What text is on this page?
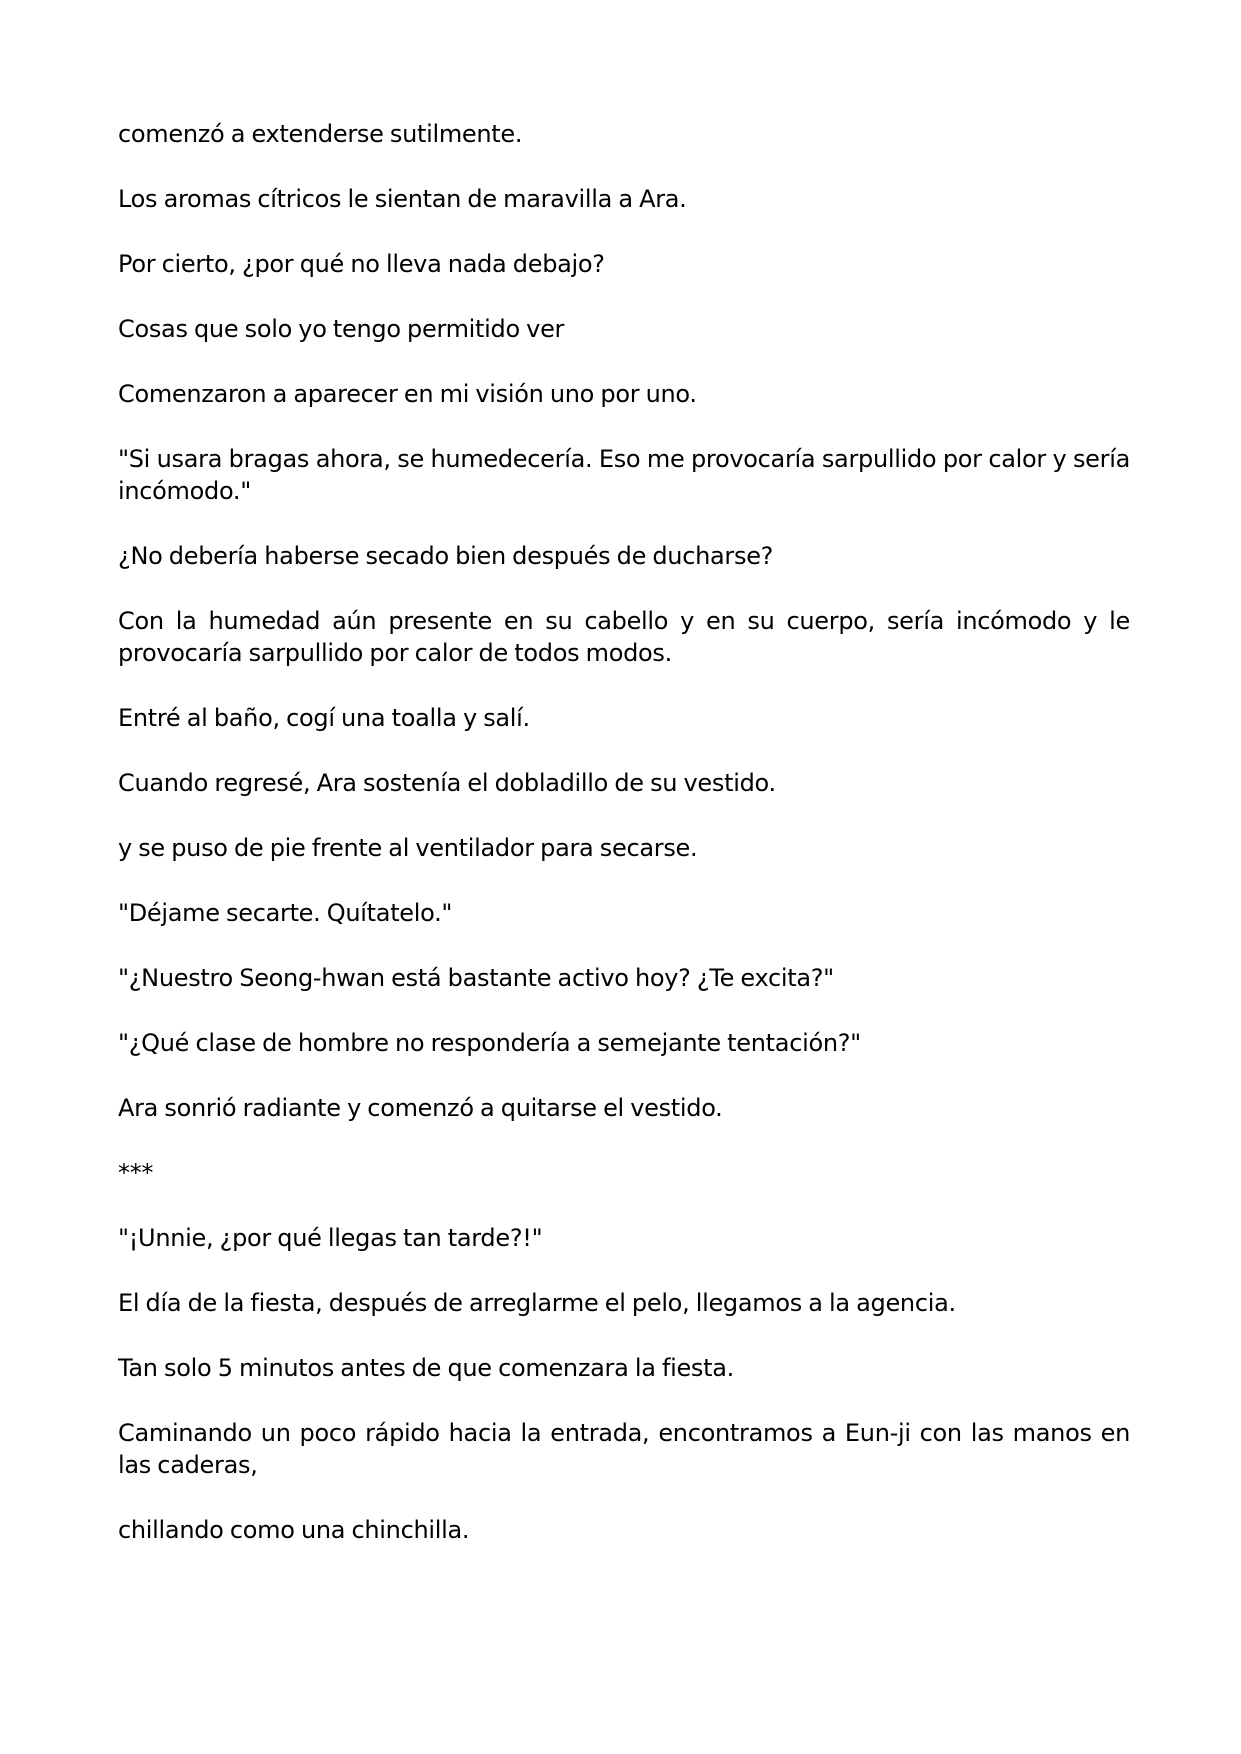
comenzó a extenderse sutilmente.

Los aromas cítricos le sientan de maravilla a Ara.

Por cierto, ¿por qué no lleva nada debajo?

Cosas que solo yo tengo permitido ver

Comenzaron a aparecer en mi visión uno por uno.

"Si usara bragas ahora, se humedecería. Eso me provocaría sarpullido por calor y sería incómodo."

¿No debería haberse secado bien después de ducharse?

Con la humedad aún presente en su cabello y en su cuerpo, sería incómodo y le provocaría sarpullido por calor de todos modos.

Entré al baño, cogí una toalla y salí.

Cuando regresé, Ara sostenía el dobladillo de su vestido.

y se puso de pie frente al ventilador para secarse.

"Déjame secarte. Quítatelo."

"¿Nuestro Seong-hwan está bastante activo hoy? ¿Te excita?"

"¿Qué clase de hombre no respondería a semejante tentación?"

Ara sonrió radiante y comenzó a quitarse el vestido.

***

"¡Unnie, ¿por qué llegas tan tarde?!"

El día de la fiesta, después de arreglarme el pelo, llegamos a la agencia.

Tan solo 5 minutos antes de que comenzara la fiesta.

Caminando un poco rápido hacia la entrada, encontramos a Eun-ji con las manos en las caderas,

chillando como una chinchilla.
